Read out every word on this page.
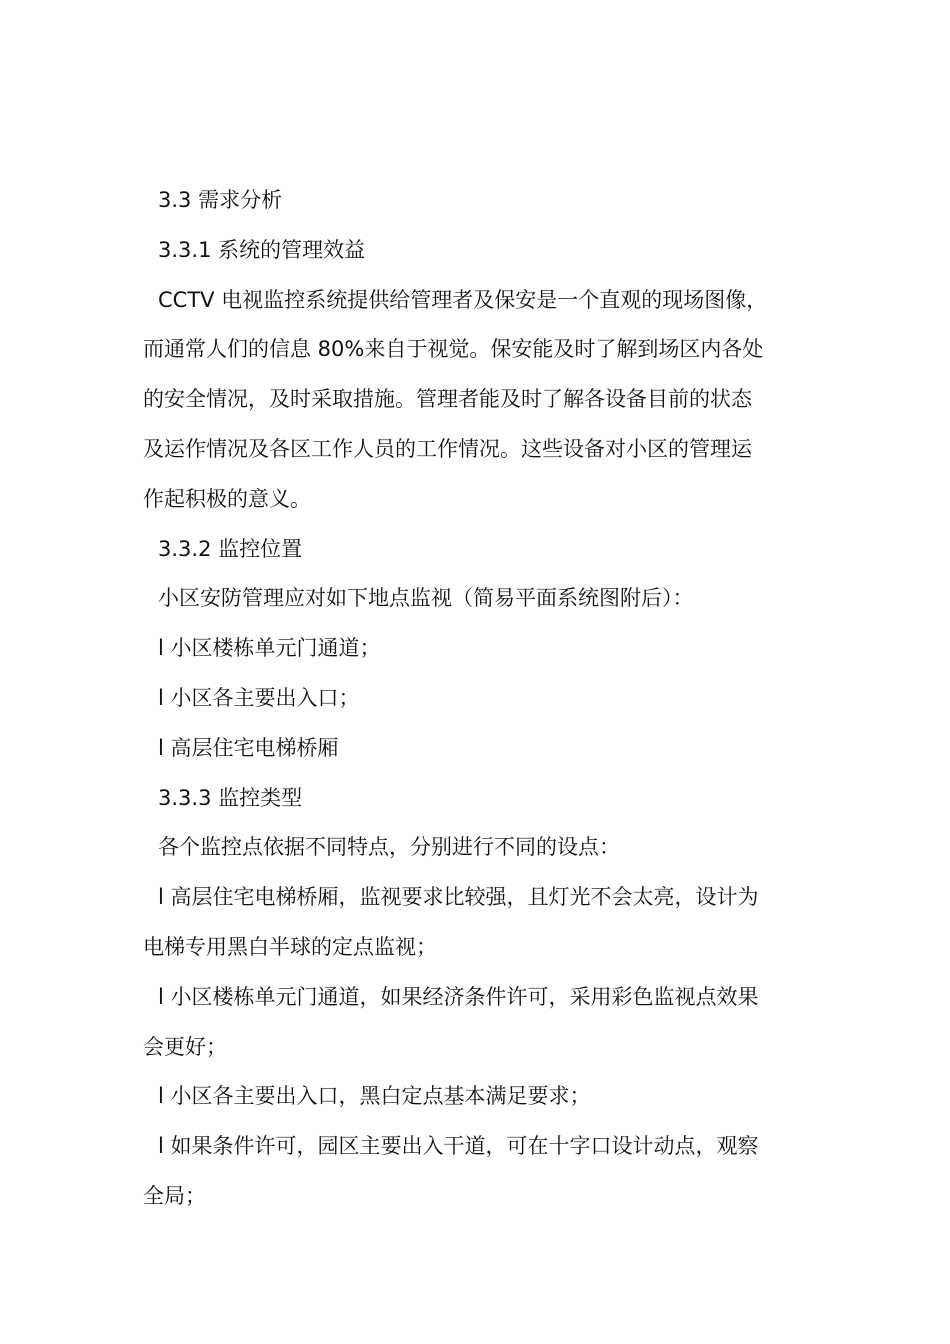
3.3 需求分析
3.3.1 系统的管理效益
CCTV 电视监控系统提供给管理者及保安是一个直观的现场图像，
而通常人们的信息 80%来自于视觉。保安能及时了解到场区内各处
的安全情况，及时采取措施。管理者能及时了解各设备目前的状态
及运作情况及各区工作人员的工作情况。这些设备对小区的管理运
作起积极的意义。
3.3.2 监控位置
小区安防管理应对如下地点监视（简易平面系统图附后）：
l 小区楼栋单元门通道；
l 小区各主要出入口；
l 高层住宅电梯桥厢
3.3.3 监控类型
各个监控点依据不同特点，分别进行不同的设点：
l 高层住宅电梯桥厢，监视要求比较强，且灯光不会太亮，设计为
电梯专用黑白半球的定点监视；
l 小区楼栋单元门通道，如果经济条件许可，采用彩色监视点效果
会更好；
l 小区各主要出入口，黑白定点基本满足要求；
l 如果条件许可，园区主要出入干道，可在十字口设计动点，观察
全局；
